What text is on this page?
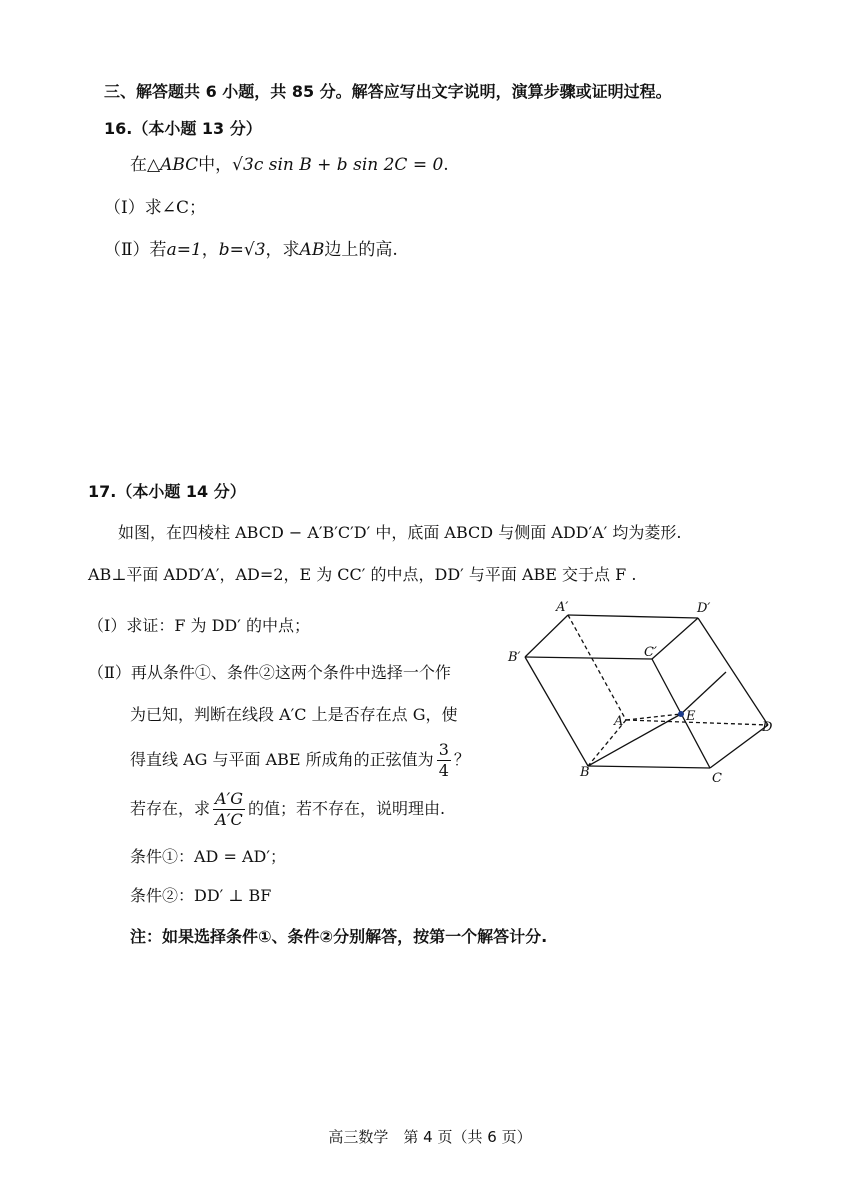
三、解答题共 6 小题，共 85 分。解答应写出文字说明，演算步骤或证明过程。
16.（本小题 13 分）
在△ABC中，√3c sin B + b sin 2C = 0.
（Ⅰ）求∠C；
（Ⅱ）若a=1，b=√3，求AB边上的高.
17.（本小题 14 分）
如图，在四棱柱 ABCD − A′B′C′D′ 中，底面 ABCD 与侧面 ADD′A′ 均为菱形.
AB⊥平面 ADD′A′，AD=2，E 为 CC′ 的中点，DD′ 与平面 ABE 交于点 F .
（Ⅰ）求证：F 为 DD′ 的中点；
（Ⅱ）再从条件①、条件②这两个条件中选择一个作
为已知，判断在线段 A′C 上是否存在点 G，使
得直线 AG 与平面 ABE 所成角的正弦值为 $\frac{3}{4}$ ？
若存在，求 $\frac{A'G}{A'C}$ 的值；若不存在，说明理由.
条件①：AD = AD′；
条件②：DD′ ⊥ BF
注：如果选择条件①、条件②分别解答，按第一个解答计分.
A′	D′
B′	C′
A	E
D
B	C
高三数学　第 4 页（共 6 页）
